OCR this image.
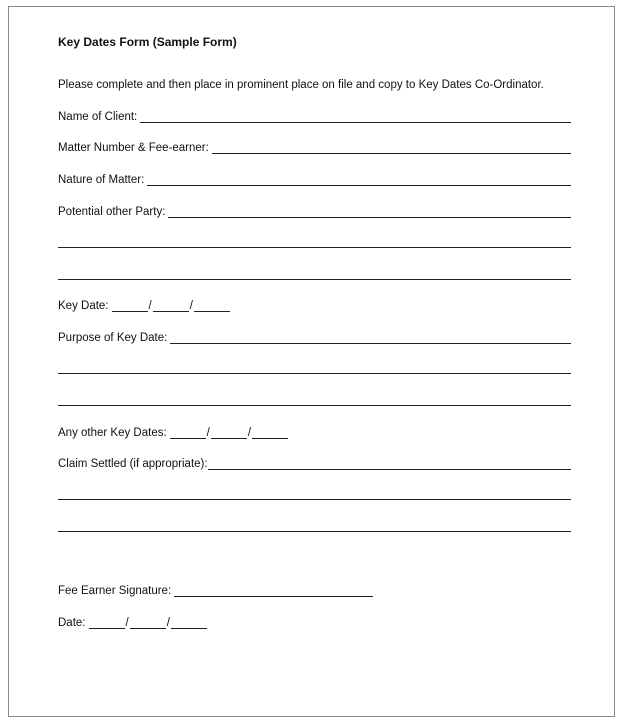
Key Dates Form (Sample Form)
Please complete and then place in prominent place on file and copy to Key Dates Co-Ordinator.
Name of Client:
Matter Number & Fee-earner:
Nature of Matter:
Potential other Party:
Key Date:	/	/
Purpose of Key Date:
Any other Key Dates:	/	/
Claim Settled (if appropriate):
Fee Earner Signature:
Date:	/	/
